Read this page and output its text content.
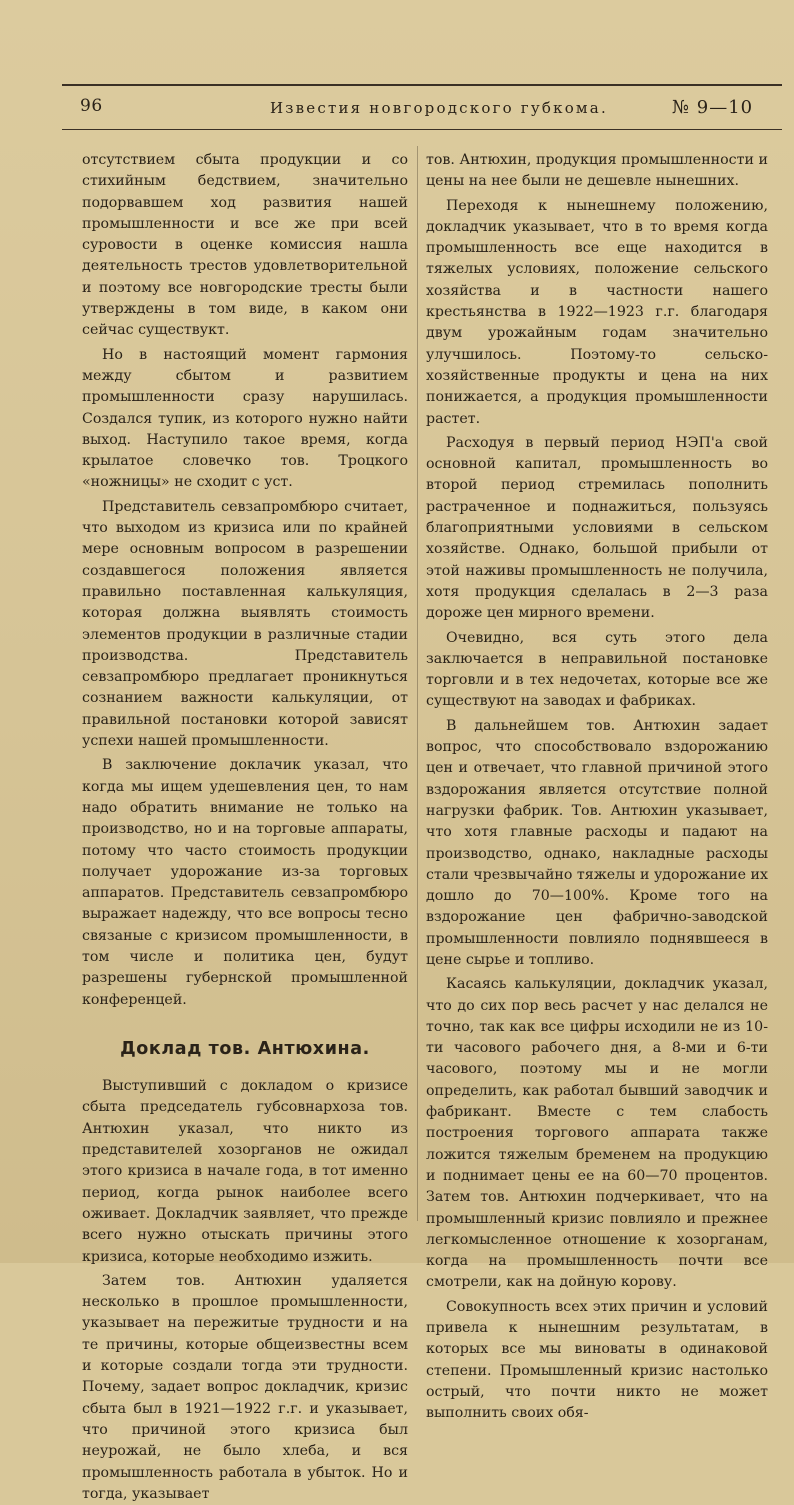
96	Известия новгородского губкома.	№ 9—10

отсутствием сбыта продукции и со стихийным бедствием, значительно подорвавшем ход развития нашей промышленности и все же при всей суровости в оценке комиссия нашла деятельность трестов удовлетворительной и поэтому все новгородские тресты были утверждены в том виде, в каком они сейчас существукт.

Но в настоящий момент гармония между сбытом и развитием промышленности сразу нарушилась. Создался тупик, из которого нужно найти выход. Наступило такое время, когда крылатое словечко тов. Троцкого «ножницы» не сходит с уст.

Представитель севзапромбюро считает, что выходом из кризиса или по крайней мере основным вопросом в разрешении создавшегося положения является правильно поставленная калькуляция, которая должна выявлять стоимость элементов продукции в различные стадии производства. Представитель севзапромбюро предлагает проникнуться сознанием важности калькуляции, от правильной постановки которой зависят успехи нашей промышленности.

В заключение доклачик указал, что когда мы ищем удешевления цен, то нам надо обратить внимание не только на производство, но и на торговые аппараты, потому что часто стоимость продукции получает удорожание из-за торговых аппаратов. Представитель севзапромбюро выражает надежду, что все вопросы тесно связаные с кризисом промышленности, в том числе и политика цен, будут разрешены губернской промышленной конференцей.

Доклад тов. Антюхина.

Выступивший с докладом о кризисе сбыта председатель губсовнархоза тов. Антюхин указал, что никто из представителей хозорганов не ожидал этого кризиса в начале года, в тот именно период, когда рынок наиболее всего оживает. Докладчик заявляет, что прежде всего нужно отыскать причины этого кризиса, которые необходимо изжить.

Затем тов. Антюхин удаляется несколько в прошлое промышленности, указывает на пережитые трудности и на те причины, которые общеизвестны всем и которые создали тогда эти трудности. Почему, задает вопрос докладчик, кризис сбыта был в 1921—1922 г.г. и указывает, что причиной этого кризиса был неурожай, не было хлеба, и вся промышленность работала в убыток. Но и тогда, указывает

тов. Антюхин, продукция промышленности и цены на нее были не дешевле нынешних.

Переходя к нынешнему положению, докладчик указывает, что в то время когда промышленность все еще находится в тяжелых условиях, положение сельского хозяйства и в частности нашего крестьянства в 1922—1923 г.г. благодаря двум урожайным годам значительно улучшилось. Поэтому-то сельско-хозяйственные продукты и цена на них понижается, а продукция промышленности растет.

Расходуя в первый период НЭП'а свой основной капитал, промышленность во второй период стремилась пополнить растраченное и поднажиться, пользуясь благоприятными условиями в сельском хозяйстве. Однако, большой прибыли от этой наживы промышленность не получила, хотя продукция сделалась в 2—3 раза дороже цен мирного времени.

Очевидно, вся суть этого дела заключается в неправильной постановке торговли и в тех недочетах, которые все же существуют на заводах и фабриках.

В дальнейшем тов. Антюхин задает вопрос, что способствовало вздорожанию цен и отвечает, что главной причиной этого вздорожания является отсутствие полной нагрузки фабрик. Тов. Антюхин указывает, что хотя главные расходы и падают на производство, однако, накладные расходы стали чрезвычайно тяжелы и удорожание их дошло до 70—100%. Кроме того на вздорожание цен фабрично-заводской промышленности повлияло поднявшееся в цене сырье и топливо.

Касаясь калькуляции, докладчик указал, что до сих пор весь расчет у нас делался не точно, так как все цифры исходили не из 10-ти часового рабочего дня, а 8-ми и 6-ти часового, поэтому мы и не могли определить, как работал бывший заводчик и фабрикант. Вместе с тем слабость построения торгового аппарата также ложится тяжелым бременем на продукцию и поднимает цены ее на 60—70 процентов. Затем тов. Антюхин подчеркивает, что на промышленный кризис повлияло и прежнее легкомысленное отношение к хозорганам, когда на промышленность почти все смотрели, как на дойную корову.

Совокупность всех этих причин и условий привела к нынешним результатам, в которых все мы виноваты в одинаковой степени. Промышленный кризис настолько острый, что почти никто не может выполнить своих обя-
